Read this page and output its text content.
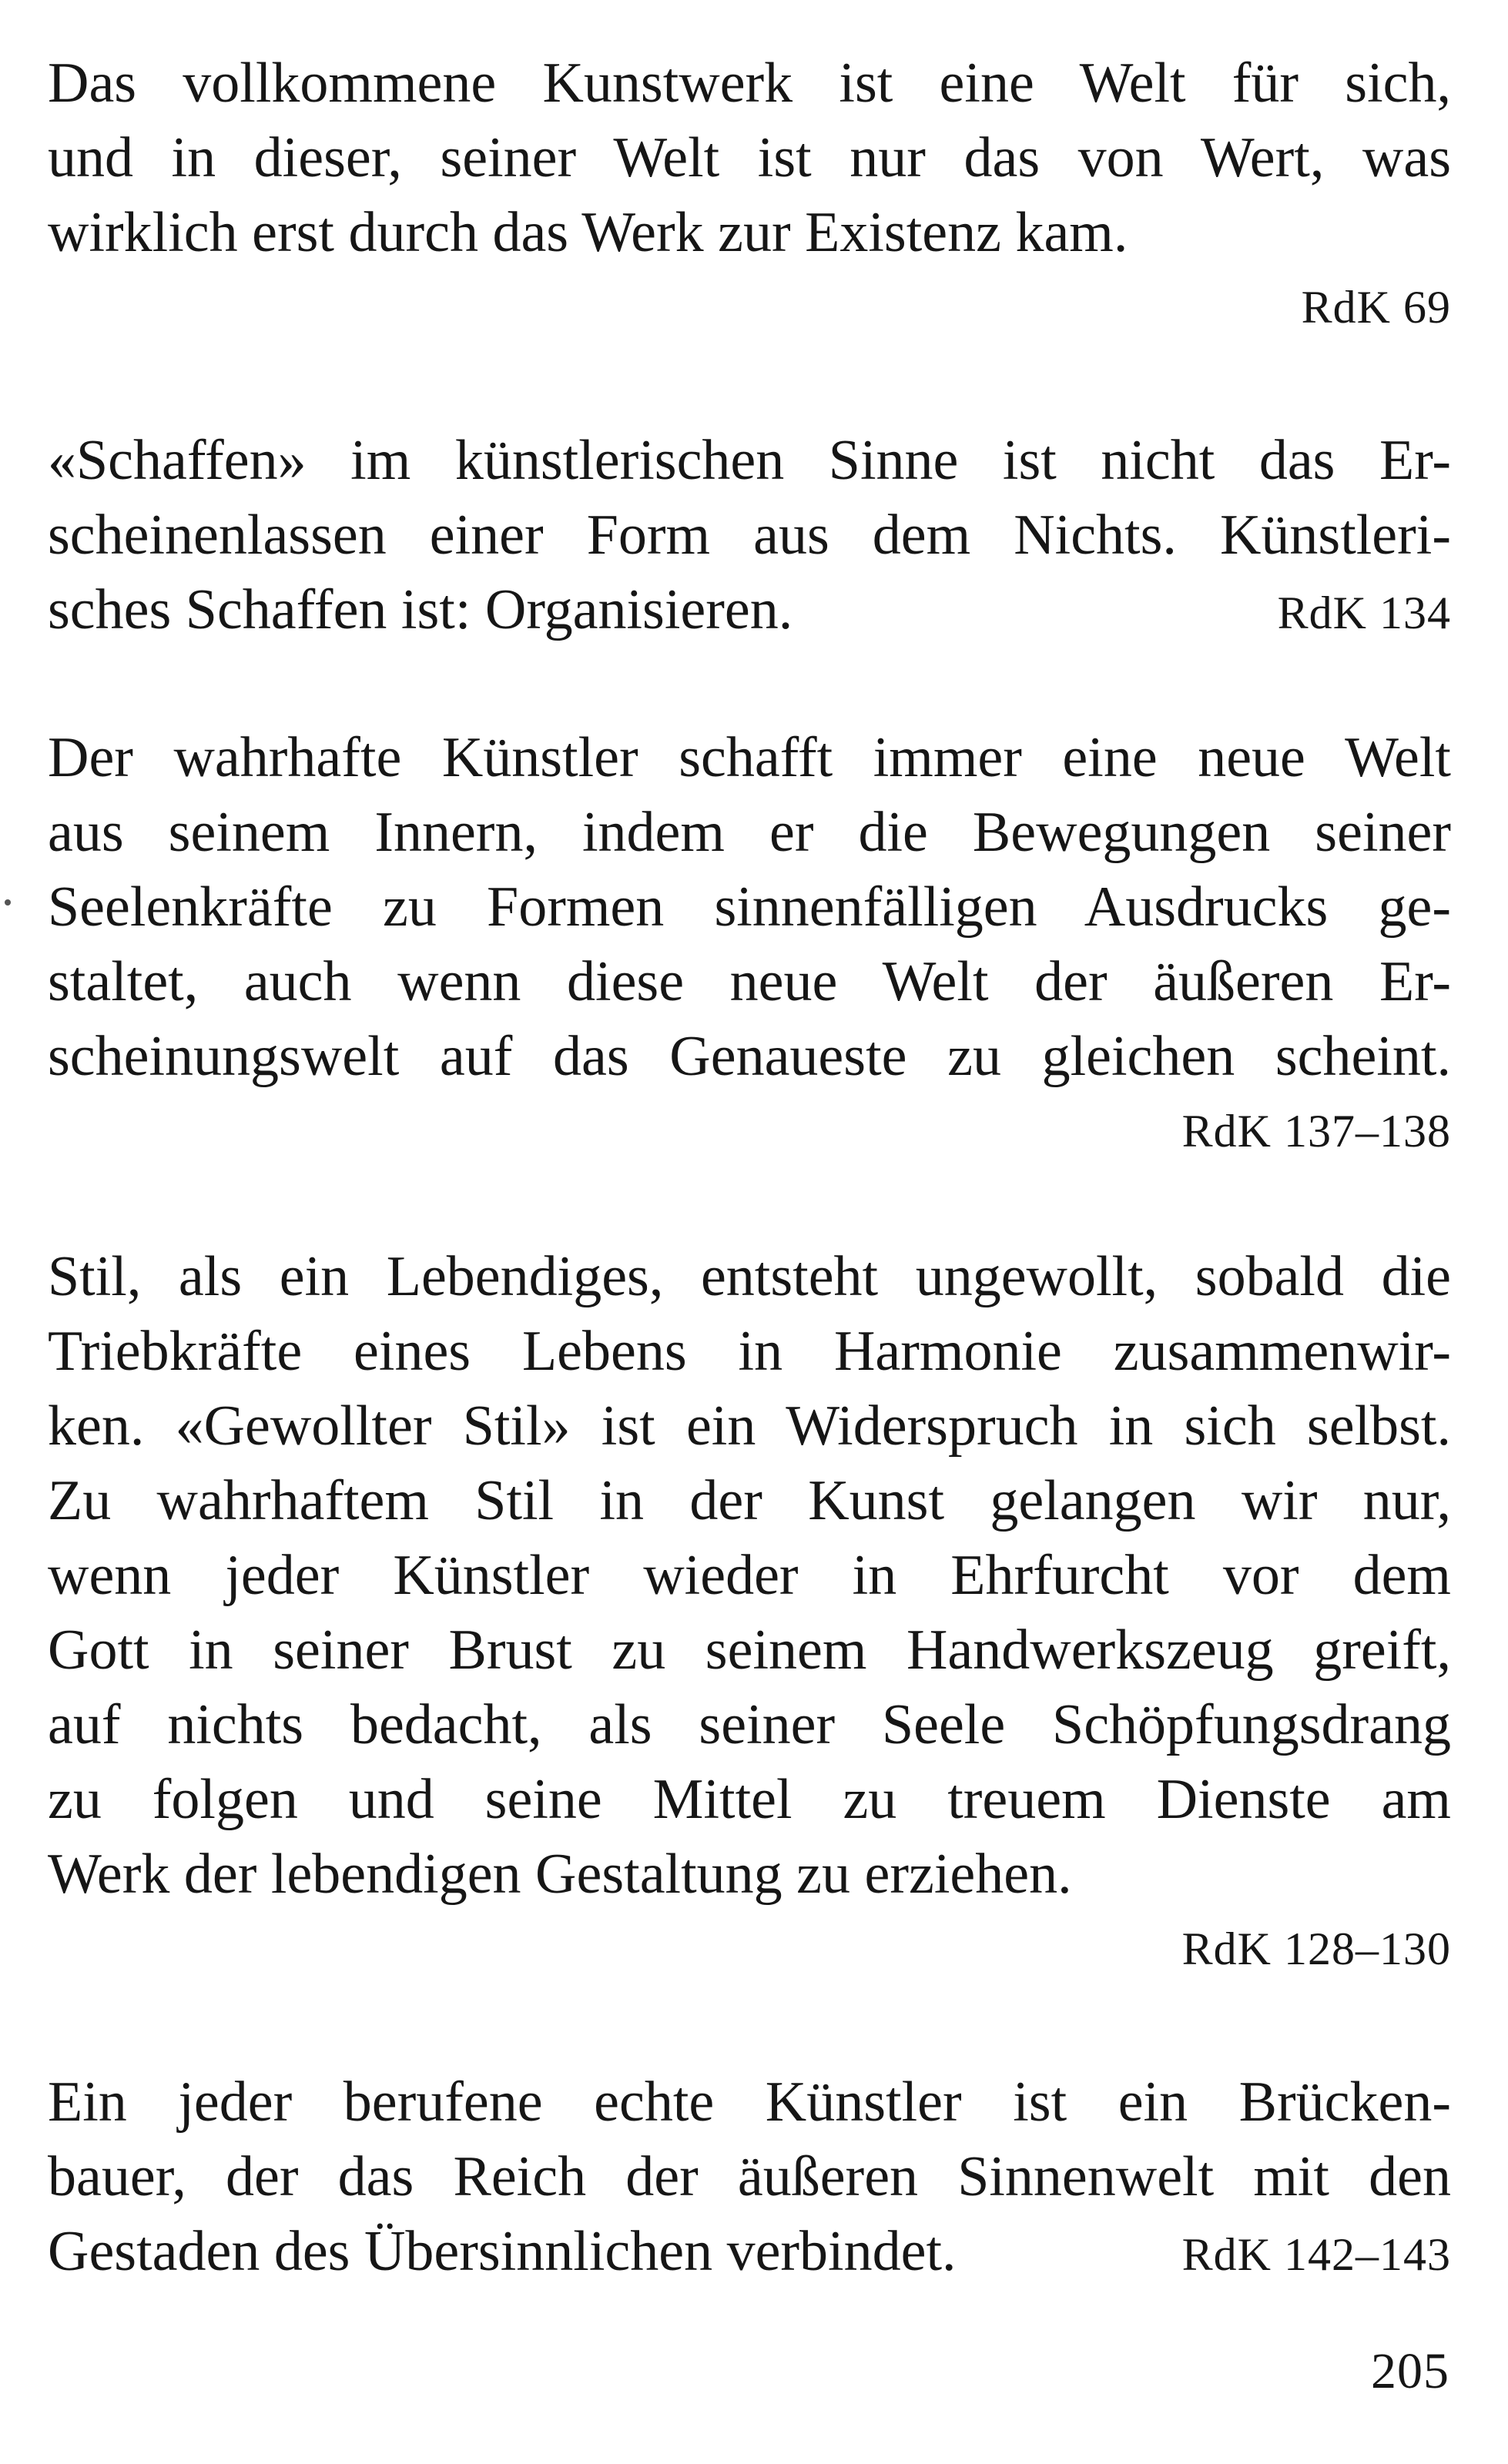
Das vollkommene Kunstwerk ist eine Welt für sich,
und in dieser, seiner Welt ist nur das von Wert, was
wirklich erst durch das Werk zur Existenz kam.
RdK 69
«Schaffen» im künstlerischen Sinne ist nicht das Er-
scheinenlassen einer Form aus dem Nichts. Künstleri-
sches Schaffen ist: Organisieren.	RdK 134
Der wahrhafte Künstler schafft immer eine neue Welt
aus seinem Innern, indem er die Bewegungen seiner
Seelenkräfte zu Formen sinnenfälligen Ausdrucks ge-
staltet, auch wenn diese neue Welt der äußeren Er-
scheinungswelt auf das Genaueste zu gleichen scheint.
RdK 137–138
Stil, als ein Lebendiges, entsteht ungewollt, sobald die
Triebkräfte eines Lebens in Harmonie zusammenwir-
ken. «Gewollter Stil» ist ein Widerspruch in sich selbst.
Zu wahrhaftem Stil in der Kunst gelangen wir nur,
wenn jeder Künstler wieder in Ehrfurcht vor dem
Gott in seiner Brust zu seinem Handwerkszeug greift,
auf nichts bedacht, als seiner Seele Schöpfungsdrang
zu folgen und seine Mittel zu treuem Dienste am
Werk der lebendigen Gestaltung zu erziehen.
RdK 128–130
Ein jeder berufene echte Künstler ist ein Brücken-
bauer, der das Reich der äußeren Sinnenwelt mit den
Gestaden des Übersinnlichen verbindet.	RdK 142–143
205
